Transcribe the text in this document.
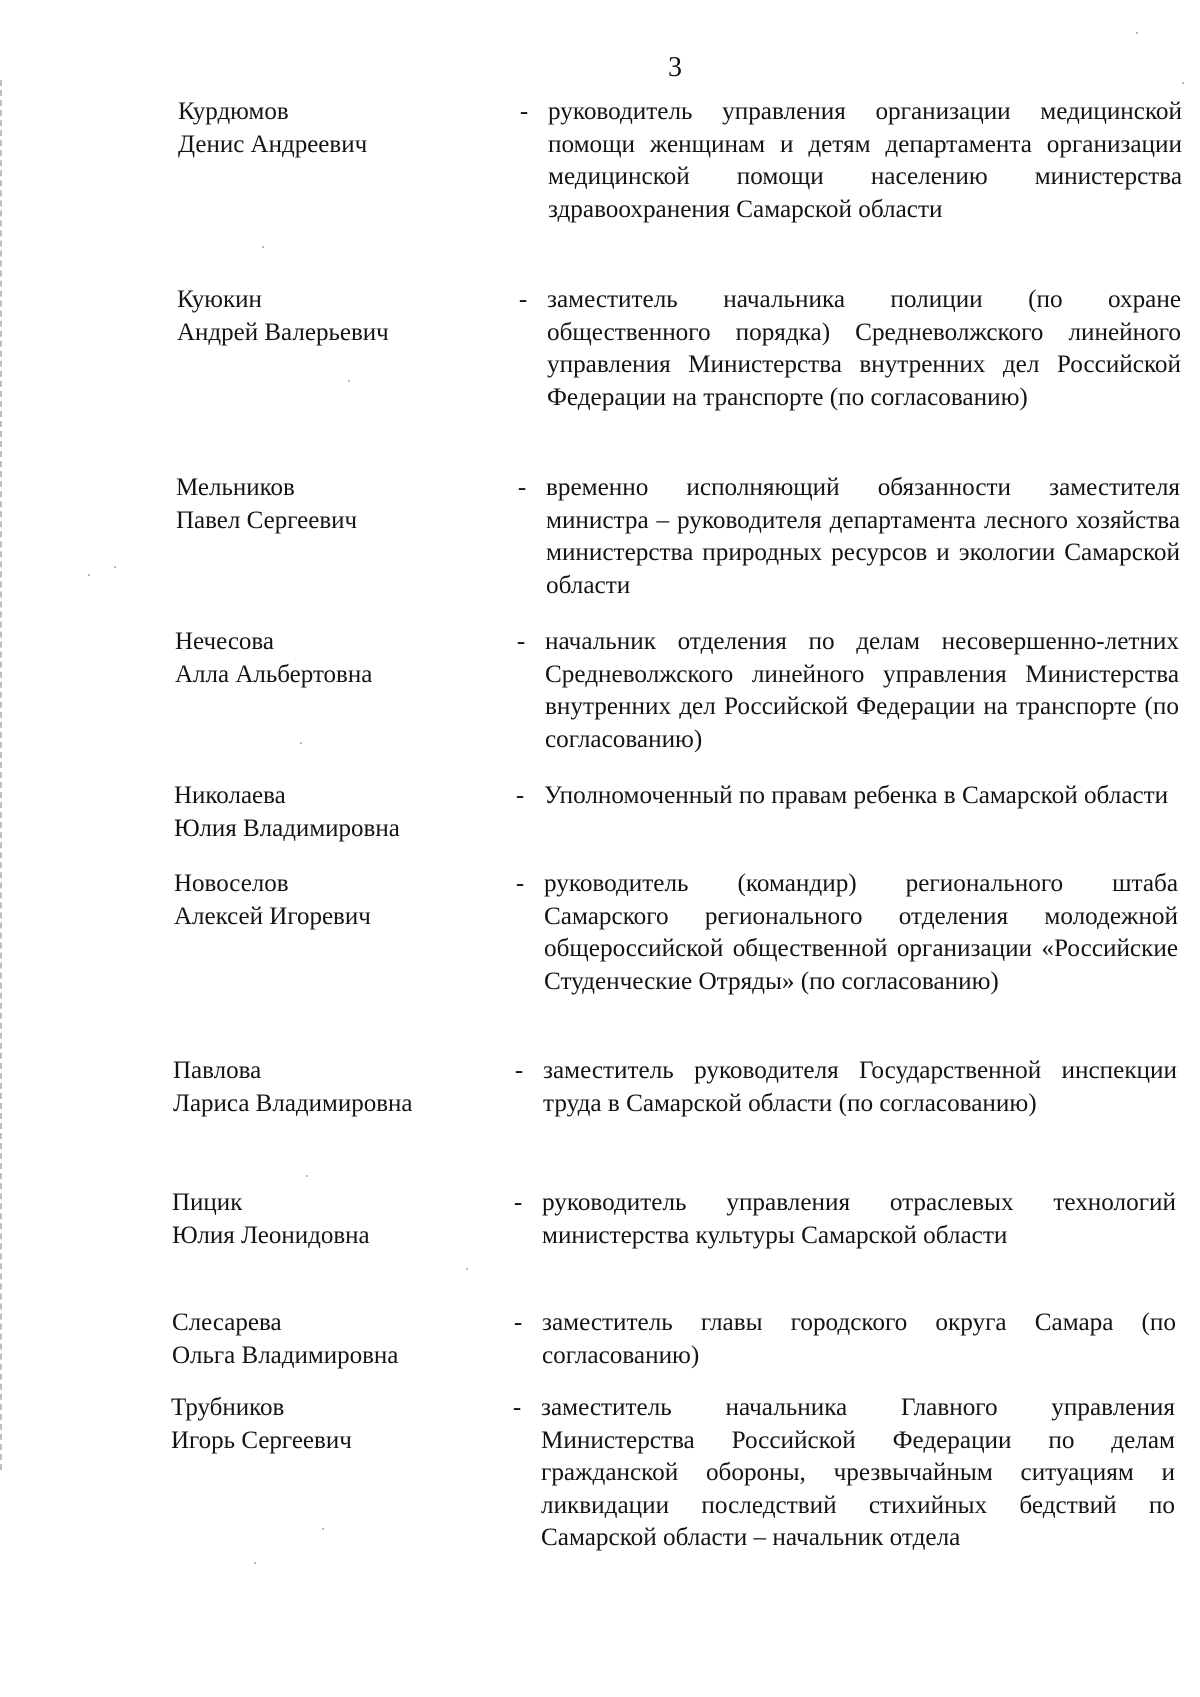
3
Курдюмов
Денис Андреевич
- руководитель управления организации медицинской помощи женщинам и детям департамента организации медицинской помощи населению министерства здравоохранения Самарской области
Куюкин
Андрей Валерьевич
- заместитель начальника полиции (по охране общественного порядка) Средневолжского линейного управления Министерства внутренних дел Российской Федерации на транспорте (по согласованию)
Мельников
Павел Сергеевич
- временно исполняющий обязанности заместителя министра – руководителя департамента лесного хозяйства министерства природных ресурсов и экологии Самарской области
Нечесова
Алла Альбертовна
- начальник отделения по делам несовершенно-летних Средневолжского линейного управления Министерства внутренних дел Российской Федерации на транспорте (по согласованию)
Николаева
Юлия Владимировна
- Уполномоченный по правам ребенка в Самарской области
Новоселов
Алексей Игоревич
- руководитель (командир) регионального штаба Самарского регионального отделения молодежной общероссийской общественной организации «Российские Студенческие Отряды» (по согласованию)
Павлова
Лариса Владимировна
- заместитель руководителя Государственной инспекции труда в Самарской области (по согласованию)
Пицик
Юлия Леонидовна
- руководитель управления отраслевых технологий министерства культуры Самарской области
Слесарева
Ольга Владимировна
- заместитель главы городского округа Самара (по согласованию)
Трубников
Игорь Сергеевич
- заместитель начальника Главного управления Министерства Российской Федерации по делам гражданской обороны, чрезвычайным ситуациям и ликвидации последствий стихийных бедствий по Самарской области – начальник отдела
